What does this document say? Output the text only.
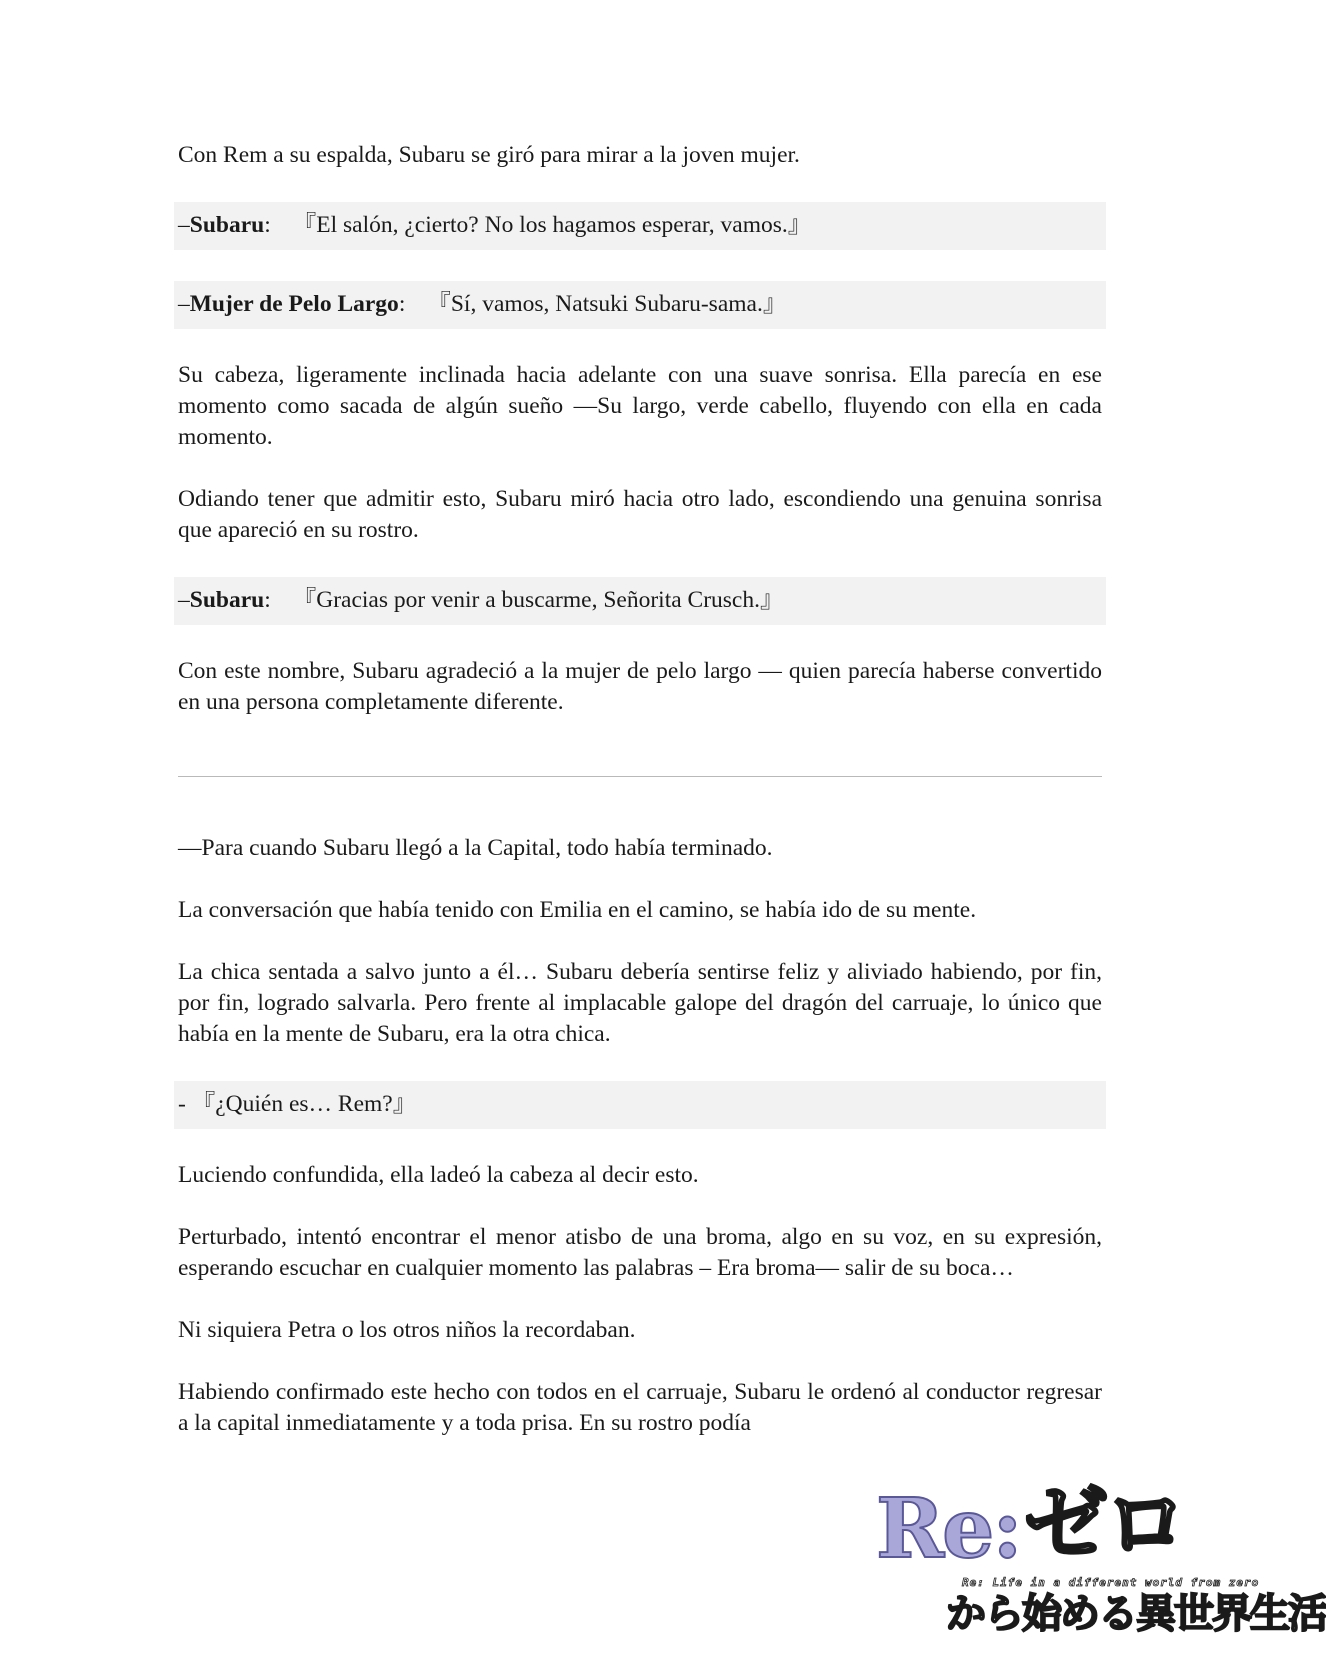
Con Rem a su espalda, Subaru se giró para mirar a la joven mujer.

–Subaru: 『El salón, ¿cierto? No los hagamos esperar, vamos.』
–Mujer de Pelo Largo: 『Sí, vamos, Natsuki Subaru-sama.』

Su cabeza, ligeramente inclinada hacia adelante con una suave sonrisa. Ella parecía en ese momento como sacada de algún sueño —Su largo, verde cabello, fluyendo con ella en cada momento.

Odiando tener que admitir esto, Subaru miró hacia otro lado, escondiendo una genuina sonrisa que apareció en su rostro.

–Subaru: 『Gracias por venir a buscarme, Señorita Crusch.』

Con este nombre, Subaru agradeció a la mujer de pelo largo — quien parecía haberse convertido en una persona completamente diferente.

—Para cuando Subaru llegó a la Capital, todo había terminado.

La conversación que había tenido con Emilia en el camino, se había ido de su mente.

La chica sentada a salvo junto a él… Subaru debería sentirse feliz y aliviado habiendo, por fin, por fin, logrado salvarla. Pero frente al implacable galope del dragón del carruaje, lo único que había en la mente de Subaru, era la otra chica.

- 『¿Quién es… Rem?』

Luciendo confundida, ella ladeó la cabeza al decir esto.

Perturbado, intentó encontrar el menor atisbo de una broma, algo en su voz, en su expresión, esperando escuchar en cualquier momento las palabras – Era broma— salir de su boca…

Ni siquiera Petra o los otros niños la recordaban.

Habiendo confirmado este hecho con todos en el carruaje, Subaru le ordenó al conductor regresar a la capital inmediatamente y a toda prisa. En su rostro podía

Re: ゼロ
Re: Life in a different world from zero
から始める異世界生活
